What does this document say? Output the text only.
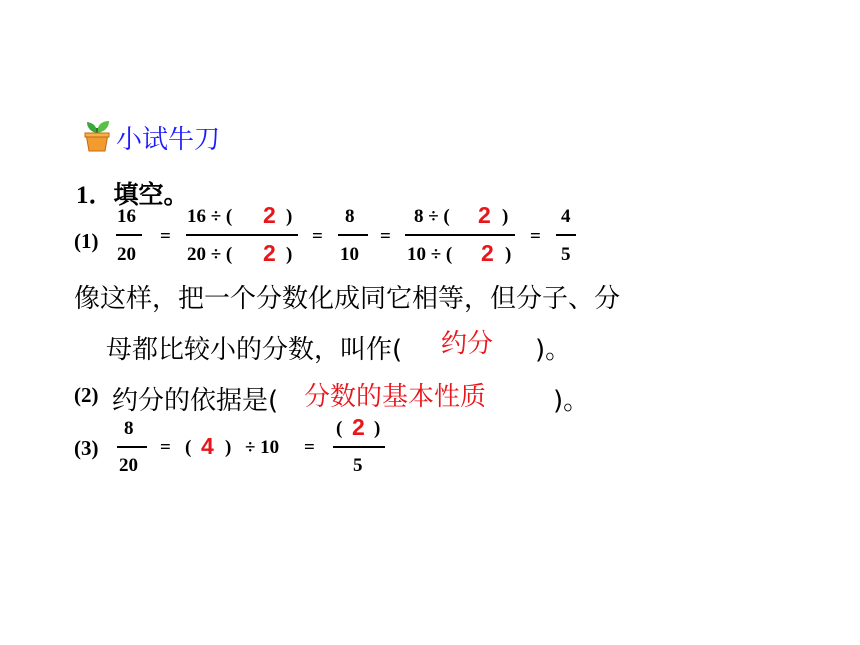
小试牛刀
1．填空。
(1)
16
20
=
16 ÷ ( 2 )
20 ÷ ( 2 )
=
8
10
=
8 ÷ ( 2 )
10 ÷ ( 2 )
=
4
5
像这样，把一个分数化成同它相等，但分子、分
母都比较小的分数，叫作( 约分 )。
(2) 约分的依据是( 分数的基本性质	)。
(3)
8
20
= ( 4 ) ÷ 10 =
( 2 )
5
